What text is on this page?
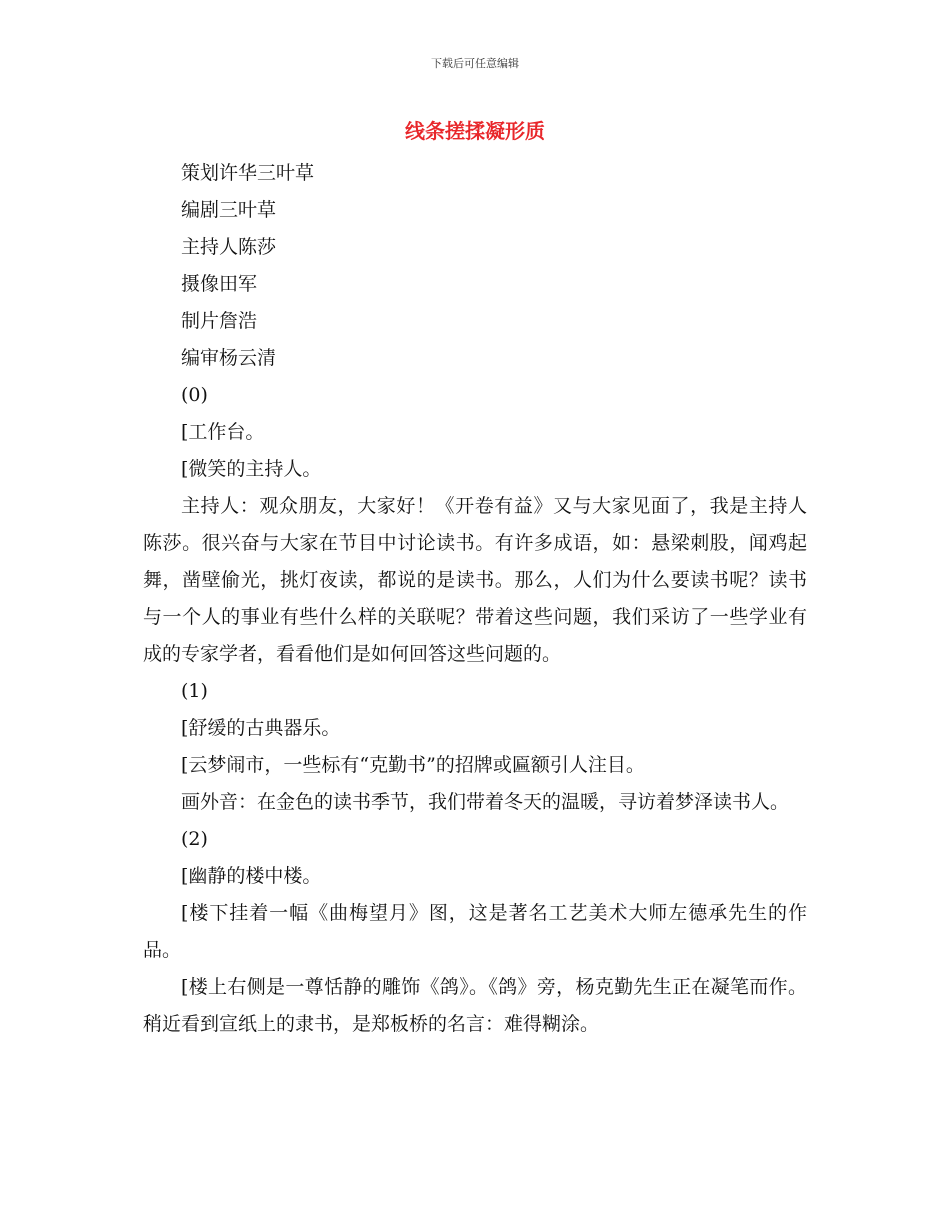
下载后可任意编辑
线条搓揉凝形质

策划许华三叶草

编剧三叶草

主持人陈莎

摄像田军

制片詹浩

编审杨云清

(0)

[工作台。

[微笑的主持人。

主持人：观众朋友，大家好！《开卷有益》又与大家见面了，我是主持人陈莎。很兴奋与大家在节目中讨论读书。有许多成语，如：悬梁刺股，闻鸡起舞，凿壁偷光，挑灯夜读，都说的是读书。那么，人们为什么要读书呢？读书与一个人的事业有些什么样的关联呢？带着这些问题，我们采访了一些学业有成的专家学者，看看他们是如何回答这些问题的。

(1)

[舒缓的古典器乐。

[云梦闹市，一些标有“克勤书”的招牌或匾额引人注目。

画外音：在金色的读书季节，我们带着冬天的温暖，寻访着梦泽读书人。

(2)

[幽静的楼中楼。

[楼下挂着一幅《曲梅望月》图，这是著名工艺美术大师左德承先生的作品。

[楼上右侧是一尊恬静的雕饰《鸽》。《鸽》旁，杨克勤先生正在凝笔而作。稍近看到宣纸上的隶书，是郑板桥的名言：难得糊涂。
